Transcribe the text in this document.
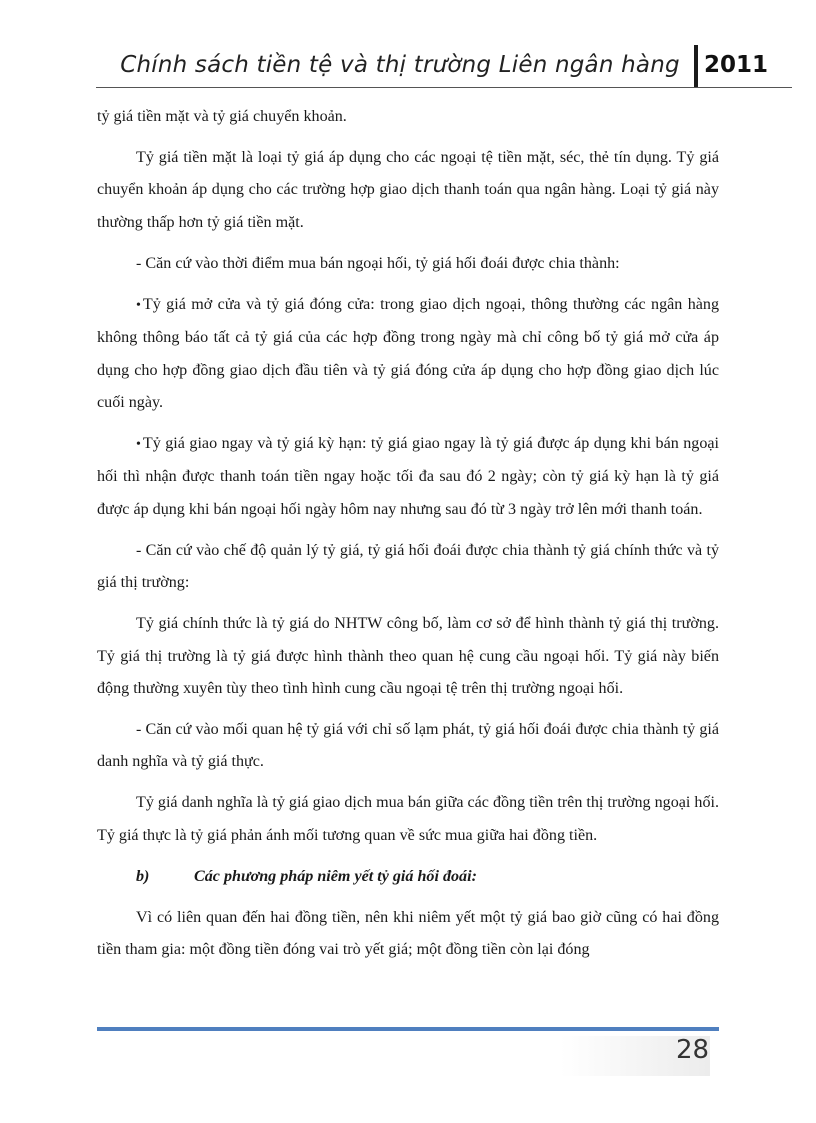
Chính sách tiền tệ và thị trường Liên ngân hàng 2011

tỷ giá tiền mặt và tỷ giá chuyển khoản.

Tỷ giá tiền mặt là loại tỷ giá áp dụng cho các ngoại tệ tiền mặt, séc, thẻ tín dụng. Tỷ giá chuyển khoản áp dụng cho các trường hợp giao dịch thanh toán qua ngân hàng. Loại tỷ giá này thường thấp hơn tỷ giá tiền mặt.

- Căn cứ vào thời điểm mua bán ngoại hối, tỷ giá hối đoái được chia thành:

• Tỷ giá mở cửa và tỷ giá đóng cửa: trong giao dịch ngoại, thông thường các ngân hàng không thông báo tất cả tỷ giá của các hợp đồng trong ngày mà chỉ công bố tỷ giá mở cửa áp dụng cho hợp đồng giao dịch đầu tiên và tỷ giá đóng cửa áp dụng cho hợp đồng giao dịch lúc cuối ngày.

• Tỷ giá giao ngay và tỷ giá kỳ hạn: tỷ giá giao ngay là tỷ giá được áp dụng khi bán ngoại hối thì nhận được thanh toán tiền ngay hoặc tối đa sau đó 2 ngày; còn tỷ giá kỳ hạn là tỷ giá được áp dụng khi bán ngoại hối ngày hôm nay nhưng sau đó từ 3 ngày trở lên mới thanh toán.

- Căn cứ vào chế độ quản lý tỷ giá, tỷ giá hối đoái được chia thành tỷ giá chính thức và tỷ giá thị trường:

Tỷ giá chính thức là tỷ giá do NHTW công bố, làm cơ sở để hình thành tỷ giá thị trường. Tỷ giá thị trường là tỷ giá được hình thành theo quan hệ cung cầu ngoại hối. Tỷ giá này biến động thường xuyên tùy theo tình hình cung cầu ngoại tệ trên thị trường ngoại hối.

- Căn cứ vào mối quan hệ tỷ giá với chỉ số lạm phát, tỷ giá hối đoái được chia thành tỷ giá danh nghĩa và tỷ giá thực.

Tỷ giá danh nghĩa là tỷ giá giao dịch mua bán giữa các đồng tiền trên thị trường ngoại hối. Tỷ giá thực là tỷ giá phản ánh mối tương quan về sức mua giữa hai đồng tiền.

b)	Các phương pháp niêm yết tỷ giá hối đoái:

Vì có liên quan đến hai đồng tiền, nên khi niêm yết một tỷ giá bao giờ cũng có hai đồng tiền tham gia: một đồng tiền đóng vai trò yết giá; một đồng tiền còn lại đóng

28
